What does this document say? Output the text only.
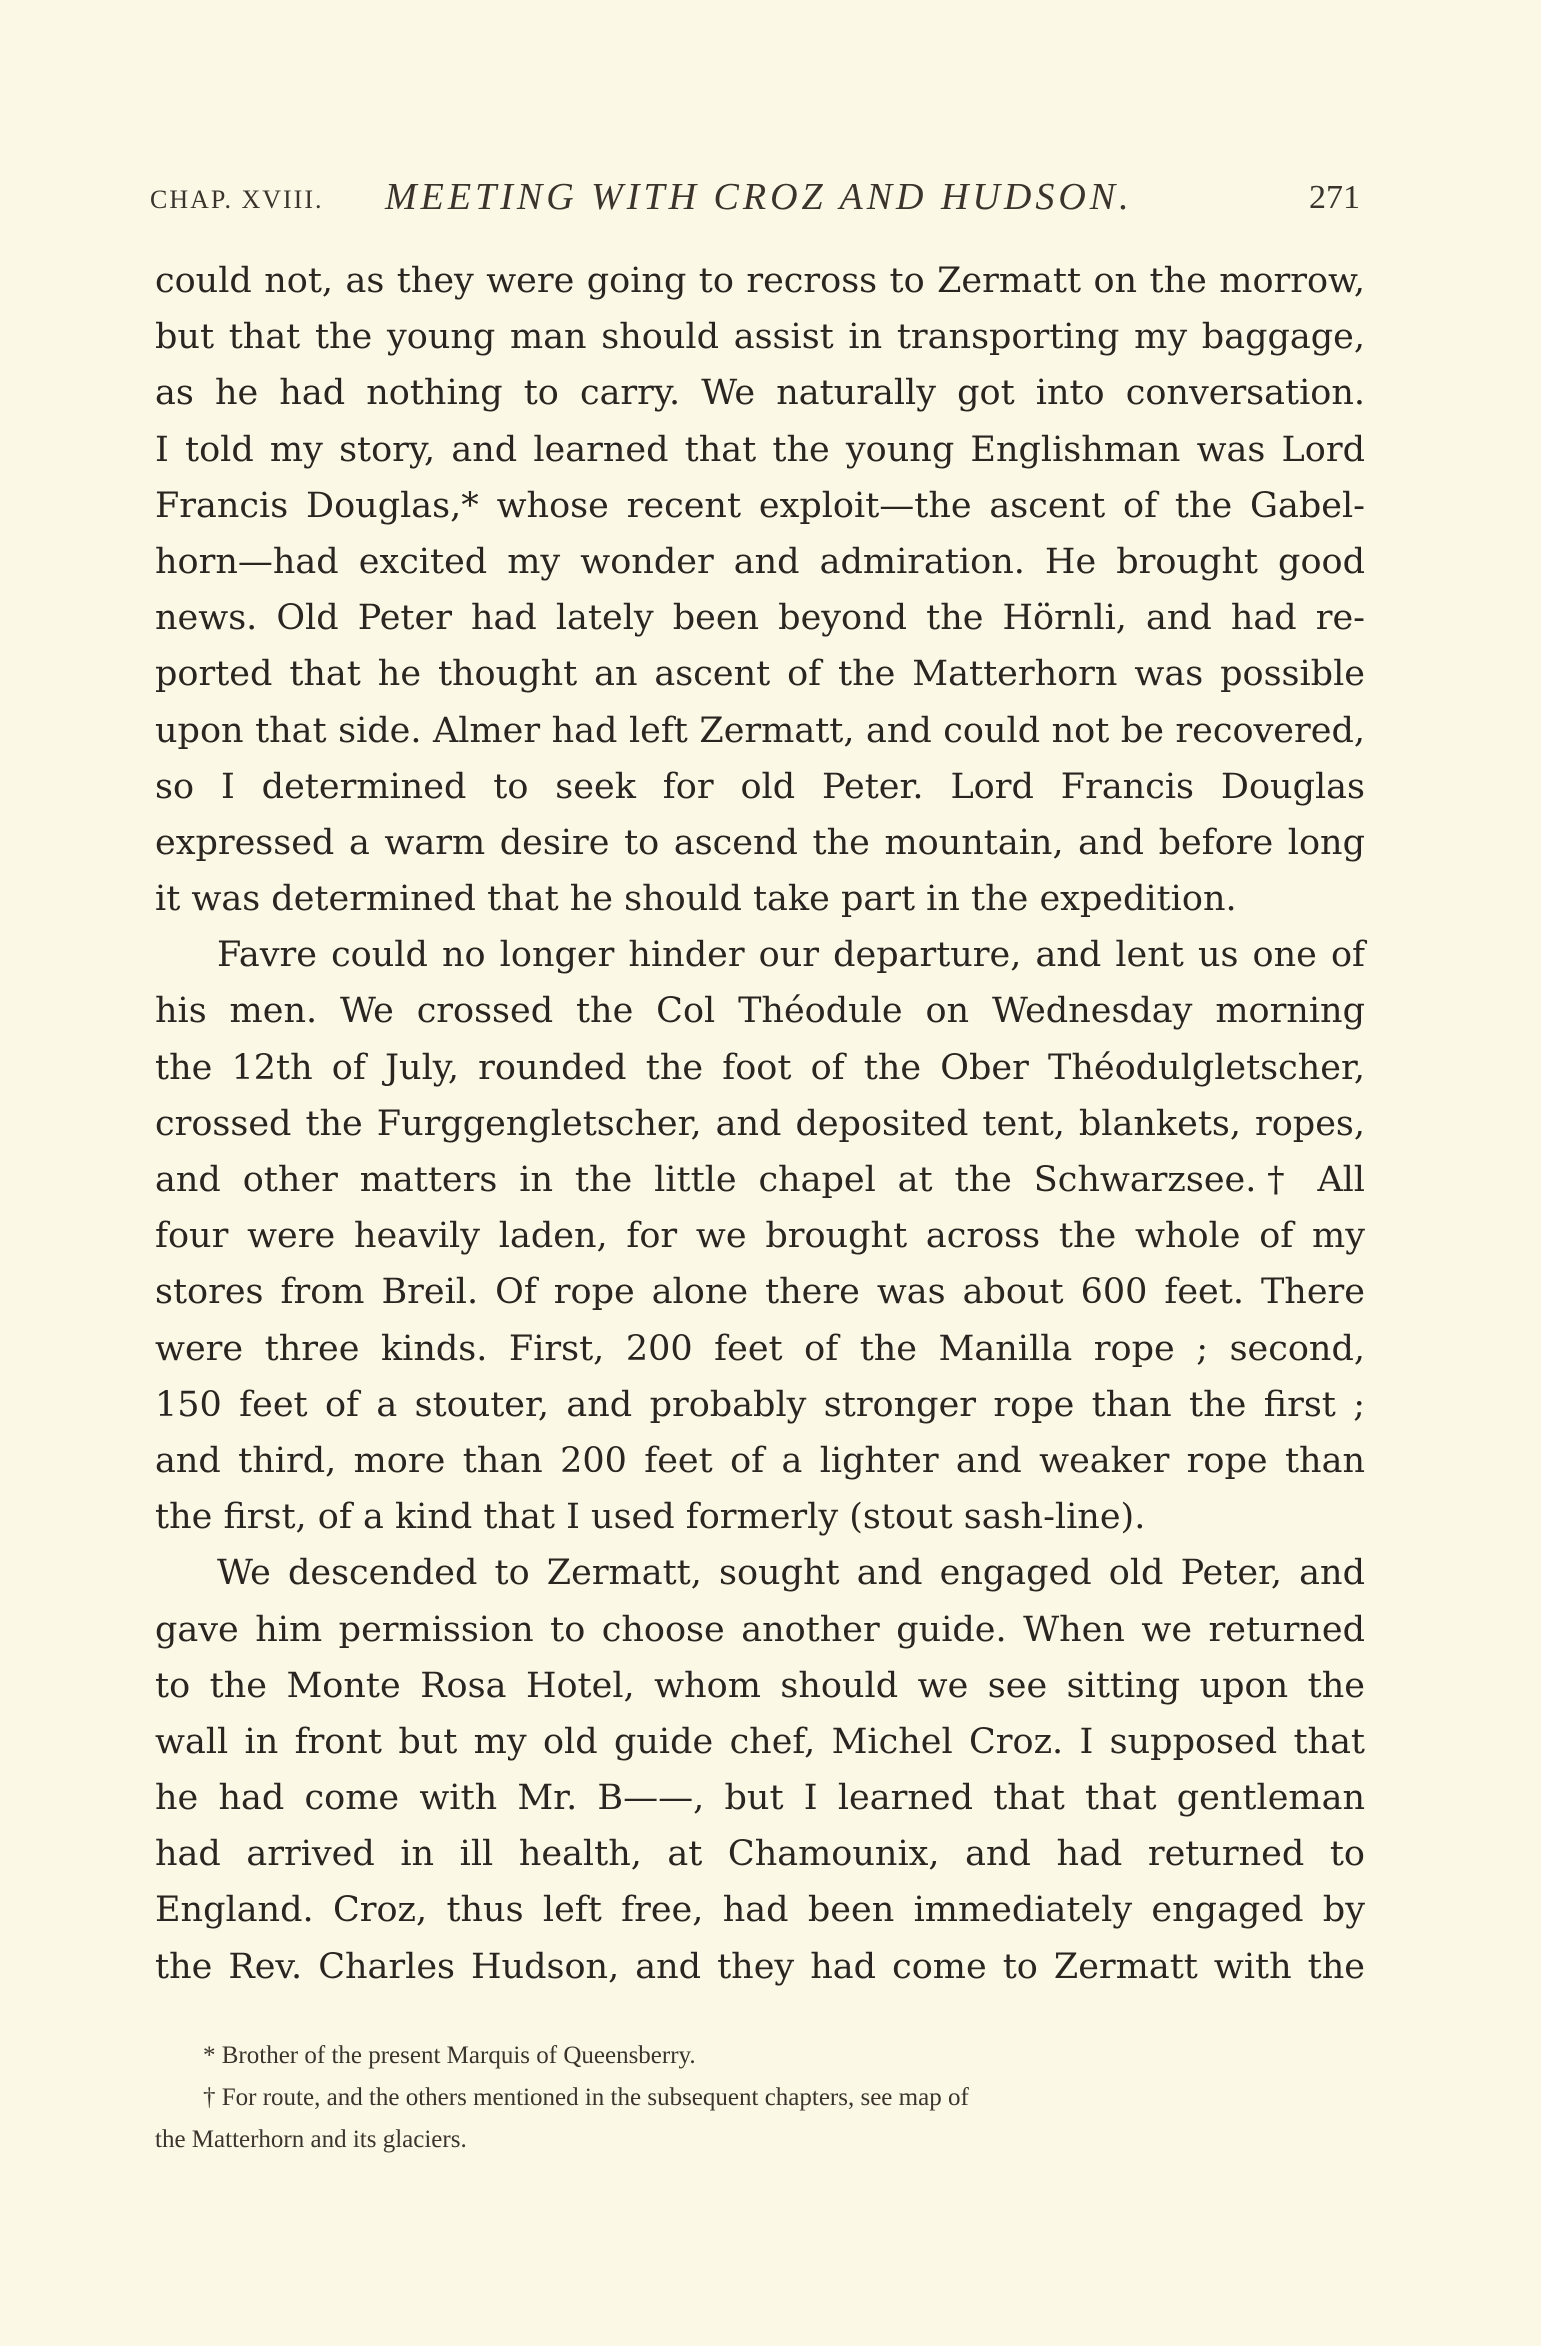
CHAP. XVIII. MEETING WITH CROZ AND HUDSON.	271
could not, as they were going to recross to Zermatt on the morrow,
but that the young man should assist in transporting my baggage,
as he had nothing to carry. We naturally got into conversation.
I told my story, and learned that the young Englishman was Lord
Francis Douglas,* whose recent exploit—the ascent of the Gabel-
horn—had excited my wonder and admiration. He brought good
news. Old Peter had lately been beyond the Hörnli, and had re-
ported that he thought an ascent of the Matterhorn was possible
upon that side. Almer had left Zermatt, and could not be recovered,
so I determined to seek for old Peter. Lord Francis Douglas
expressed a warm desire to ascend the mountain, and before long
it was determined that he should take part in the expedition.
Favre could no longer hinder our departure, and lent us one of
his men. We crossed the Col Théodule on Wednesday morning
the 12th of July, rounded the foot of the Ober Théodulgletscher,
crossed the Furggengletscher, and deposited tent, blankets, ropes,
and other matters in the little chapel at the Schwarzsee.† All
four were heavily laden, for we brought across the whole of my
stores from Breil. Of rope alone there was about 600 feet. There
were three kinds. First, 200 feet of the Manilla rope ; second,
150 feet of a stouter, and probably stronger rope than the first ;
and third, more than 200 feet of a lighter and weaker rope than
the first, of a kind that I used formerly (stout sash-line).
We descended to Zermatt, sought and engaged old Peter, and
gave him permission to choose another guide. When we returned
to the Monte Rosa Hotel, whom should we see sitting upon the
wall in front but my old guide chef, Michel Croz. I supposed that
he had come with Mr. B——, but I learned that that gentleman
had arrived in ill health, at Chamounix, and had returned to
England. Croz, thus left free, had been immediately engaged by
the Rev. Charles Hudson, and they had come to Zermatt with the
* Brother of the present Marquis of Queensberry.
† For route, and the others mentioned in the subsequent chapters, see map of
the Matterhorn and its glaciers.
